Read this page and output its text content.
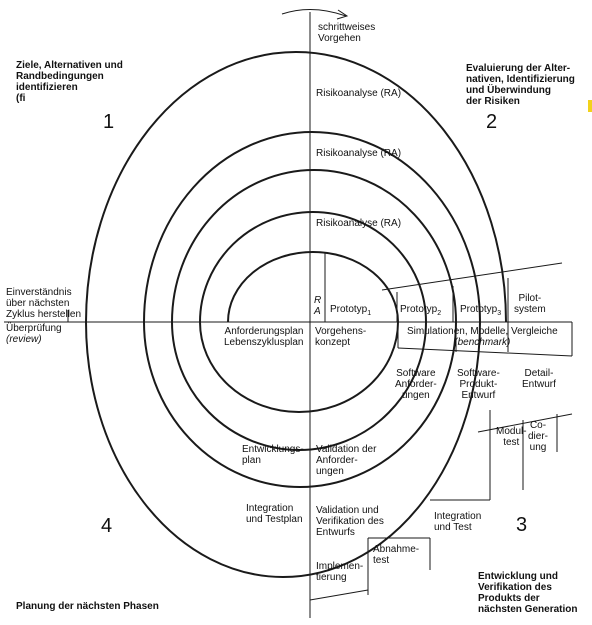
Ziele, Alternativen und
Randbedingungen
identifizieren
(fi
1
Evaluierung der Alter-
nativen, Identifizierung
und Überwindung
der Risiken
2
Entwicklung und
Verifikation des
Produkts der
nächsten Generation
3
Planung der nächsten Phasen
4
schrittweises
Vorgehen
Risikoanalyse (RA)
Risikoanalyse (RA)
Risikoanalyse (RA)
R
A
Einverständnis
über nächsten
Zyklus herstellen
Überprüfung
(review)
Prototyp$_1$	Prototyp$_2$ Prototyp$_3$
Pilot-
system
Anforderungsplan
Lebenszyklusplan
Vorgehens-
konzept
Simulationen, Modelle, Vergleiche
(benchmark)
Software
Anforder-
ungen
Software-
Produkt-
Entwurf
Detail-
Entwurf
Modul-
test
Co-
dier-
ung
Entwicklungs-
plan
Validation der
Anforder-
ungen
Integration
und Testplan
Validation und
Verifikation des
Entwurfs
Integration
und Test
Abnahme-
test
Implemen-
tierung
